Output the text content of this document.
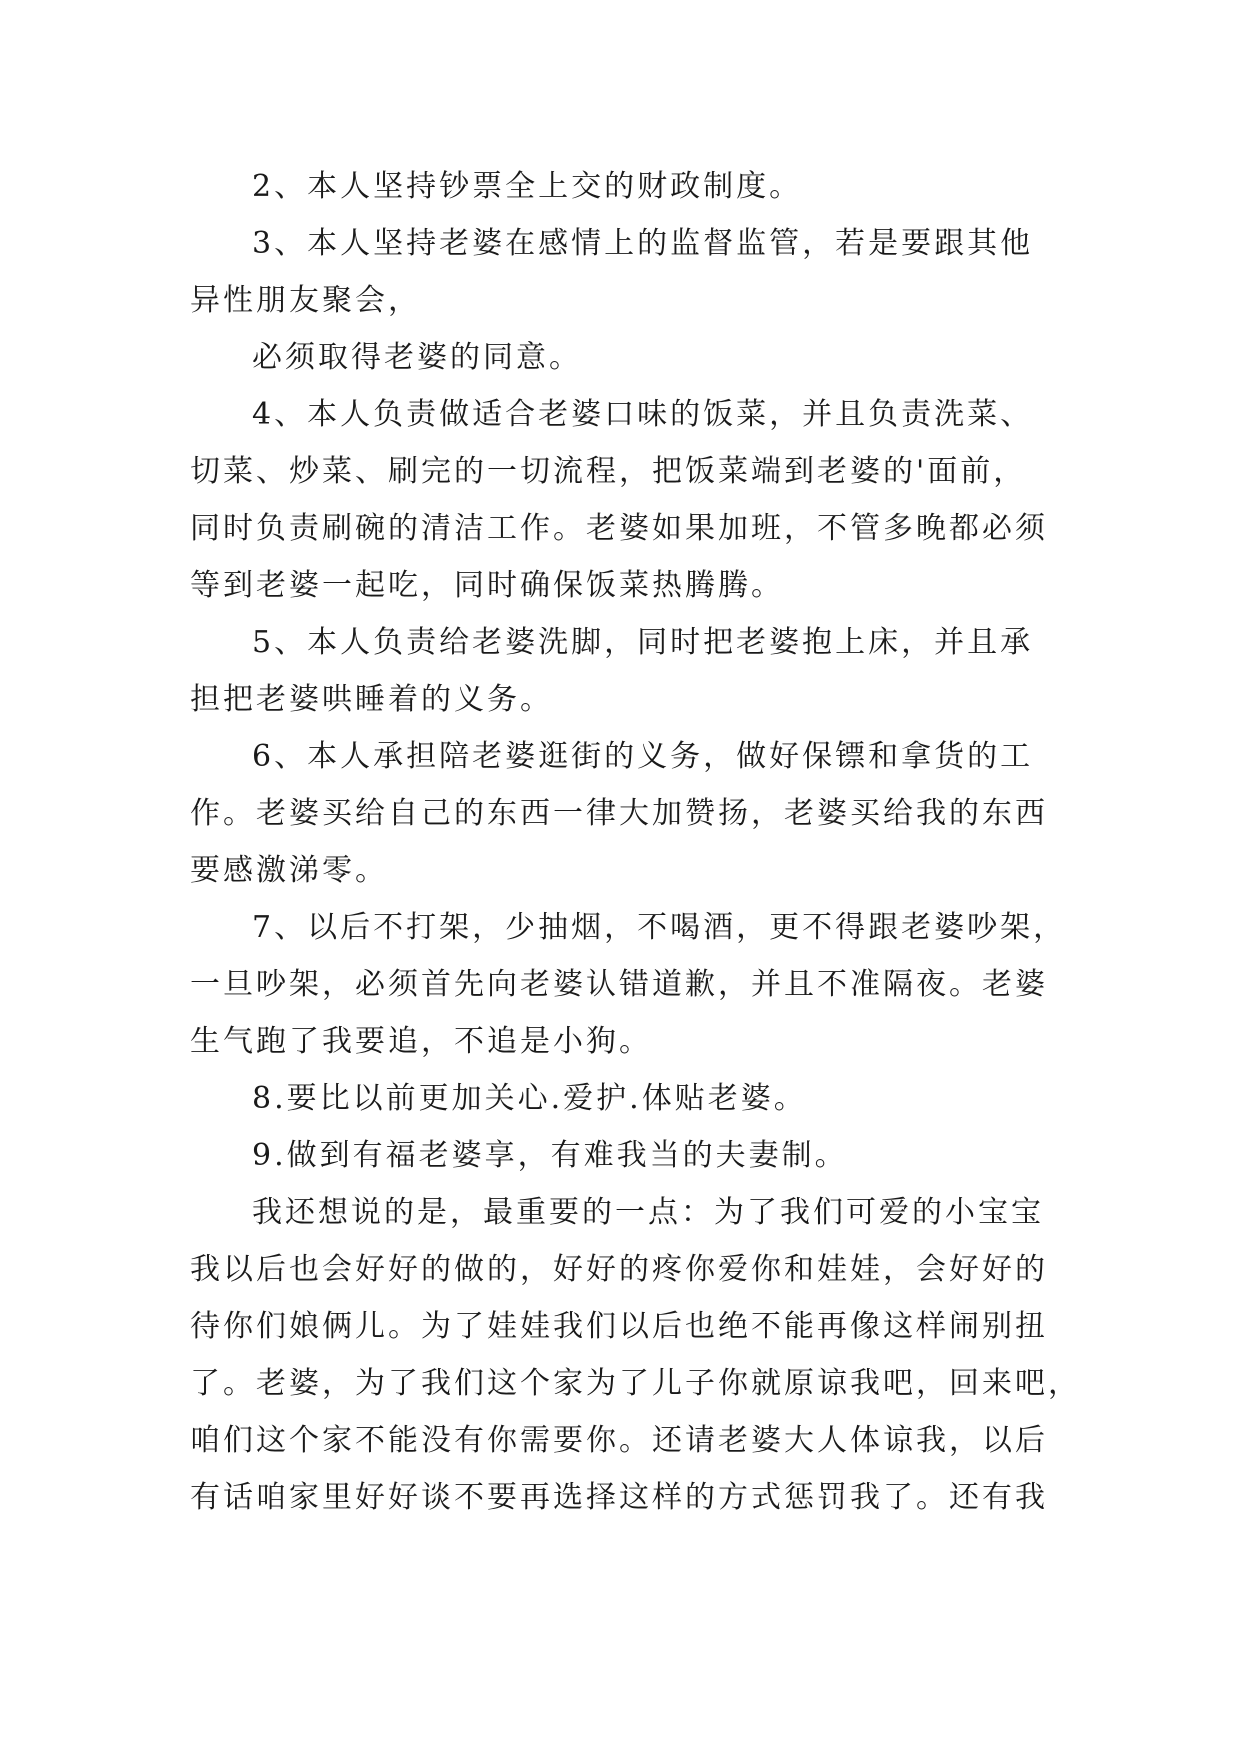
2、本人坚持钞票全上交的财政制度。

3、本人坚持老婆在感情上的监督监管，若是要跟其他

异性朋友聚会，

必须取得老婆的同意。

4、本人负责做适合老婆口味的饭菜，并且负责洗菜、

切菜、炒菜、刷完的一切流程，把饭菜端到老婆的'面前，

同时负责刷碗的清洁工作。老婆如果加班，不管多晚都必须

等到老婆一起吃，同时确保饭菜热腾腾。

5、本人负责给老婆洗脚，同时把老婆抱上床，并且承

担把老婆哄睡着的义务。

6、本人承担陪老婆逛街的义务，做好保镖和拿货的工

作。老婆买给自己的东西一律大加赞扬，老婆买给我的东西

要感激涕零。

7、以后不打架，少抽烟，不喝酒，更不得跟老婆吵架，

一旦吵架，必须首先向老婆认错道歉，并且不准隔夜。老婆

生气跑了我要追，不追是小狗。

8.要比以前更加关心.爱护.体贴老婆。

9.做到有福老婆享，有难我当的夫妻制。

我还想说的是，最重要的一点：为了我们可爱的小宝宝

我以后也会好好的做的，好好的疼你爱你和娃娃，会好好的

待你们娘俩儿。为了娃娃我们以后也绝不能再像这样闹别扭

了。老婆，为了我们这个家为了儿子你就原谅我吧，回来吧，

咱们这个家不能没有你需要你。还请老婆大人体谅我，以后

有话咱家里好好谈不要再选择这样的方式惩罚我了。还有我
